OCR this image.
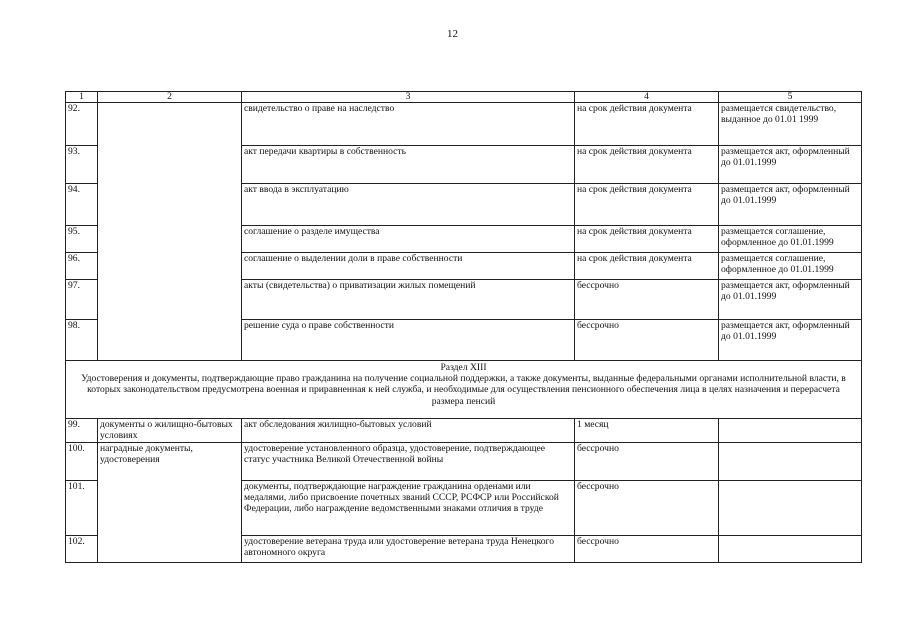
12
1	2	3	4	5
92.		свидетельство о праве на наследство	на срок действия документа	размещается свидетельство, выданное до 01.01 1999
93.		акт передачи квартиры в собственность	на срок действия документа	размещается акт, оформленный до 01.01.1999
94.		акт ввода в эксплуатацию	на срок действия документа	размещается акт, оформленный до 01.01.1999
95.		соглашение о разделе имущества	на срок действия документа	размещается соглашение, оформленное до 01.01.1999
96.		соглашение о выделении доли в праве собственности	на срок действия документа	размещается соглашение, оформленное до 01.01.1999
97.		акты (свидетельства) о приватизации жилых помещений	бессрочно	размещается акт, оформленный до 01.01.1999
98.		решение суда о праве собственности	бессрочно	размещается акт, оформленный до 01.01.1999

Раздел XIII
Удостоверения и документы, подтверждающие право гражданина на получение социальной поддержки, а также документы, выданные федеральными органами исполнительной власти, в которых законодательством предусмотрена военная и приравненная к ней служба, и необходимые для осуществления пенсионного обеспечения лица в целях назначения и перерасчета размера пенсий				

99.	документы о жилищно-бытовых условиях	акт обследования жилищно-бытовых условий	1 месяц	
100.	наградные документы, удостоверения	удостоверение установленного образца, удостоверение, подтверждающее статус участника Великой Отечественной войны	бессрочно	
101.		документы, подтверждающие награждение гражданина орденами или медалями, либо присвоение почетных званий СССР, РСФСР или Российской Федерации, либо награждение ведомственными знаками отличия в труде	бессрочно	
102.		удостоверение ветерана труда или удостоверение ветерана труда Ненецкого автономного округа	бессрочно	
